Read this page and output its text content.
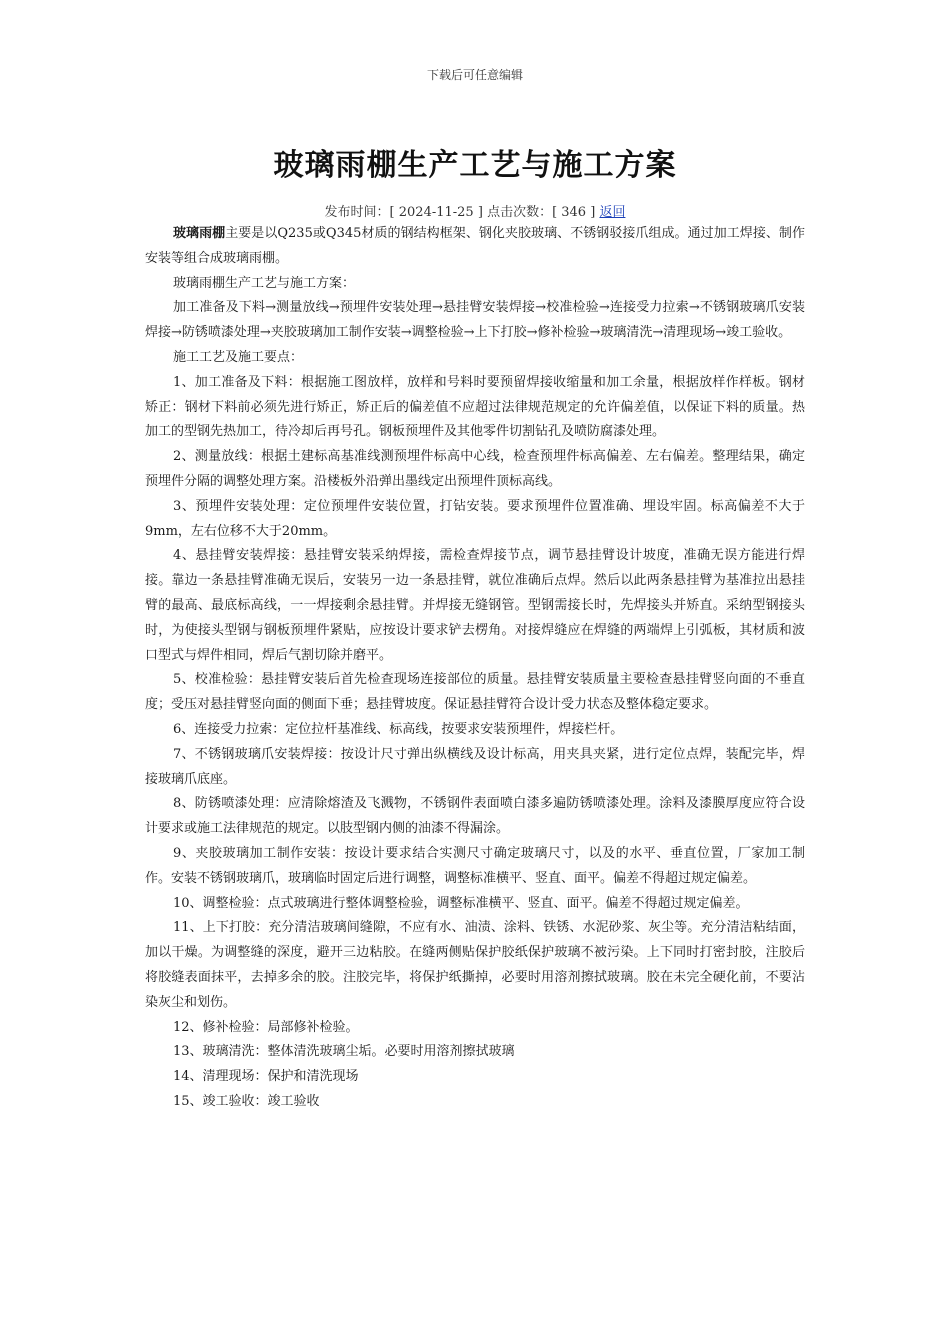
下载后可任意编辑
玻璃雨棚生产工艺与施工方案
发布时间：[ 2024-11-25 ] 点击次数：[ 346 ] 返回

玻璃雨棚主要是以Q235或Q345材质的钢结构框架、钢化夹胶玻璃、不锈钢驳接爪组成。通过加工焊接、制作安装等组合成玻璃雨棚。

玻璃雨棚生产工艺与施工方案：

加工准备及下料→测量放线→预埋件安装处理→悬挂臂安装焊接→校准检验→连接受力拉索→不锈钢玻璃爪安装焊接→防锈喷漆处理→夹胶玻璃加工制作安装→调整检验→上下打胶→修补检验→玻璃清洗→清理现场→竣工验收。

施工工艺及施工要点：

1、加工准备及下料：根据施工图放样，放样和号料时要预留焊接收缩量和加工余量，根据放样作样板。钢材矫正：钢材下料前必须先进行矫正，矫正后的偏差值不应超过法律规范规定的允许偏差值，以保证下料的质量。热加工的型钢先热加工，待冷却后再号孔。钢板预埋件及其他零件切割钻孔及喷防腐漆处理。

2、测量放线：根据土建标高基准线测预埋件标高中心线，检查预埋件标高偏差、左右偏差。整理结果，确定预埋件分隔的调整处理方案。沿楼板外沿弹出墨线定出预埋件顶标高线。

3、预埋件安装处理：定位预埋件安装位置，打钻安装。要求预埋件位置准确、埋设牢固。标高偏差不大于9mm，左右位移不大于20mm。

4、悬挂臂安装焊接：悬挂臂安装采纳焊接，需检查焊接节点，调节悬挂臂设计坡度，准确无误方能进行焊接。靠边一条悬挂臂准确无误后，安装另一边一条悬挂臂，就位准确后点焊。然后以此两条悬挂臂为基准拉出悬挂臂的最高、最底标高线，一一焊接剩余悬挂臂。并焊接无缝钢管。型钢需接长时，先焊接头并矫直。采纳型钢接头时，为使接头型钢与钢板预埋件紧贴，应按设计要求铲去楞角。对接焊缝应在焊缝的两端焊上引弧板，其材质和波口型式与焊件相同，焊后气割切除并磨平。

5、校准检验：悬挂臂安装后首先检查现场连接部位的质量。悬挂臂安装质量主要检查悬挂臂竖向面的不垂直度；受压对悬挂臂竖向面的侧面下垂；悬挂臂坡度。保证悬挂臂符合设计受力状态及整体稳定要求。

6、连接受力拉索：定位拉杆基准线、标高线，按要求安装预埋件，焊接栏杆。

7、不锈钢玻璃爪安装焊接：按设计尺寸弹出纵横线及设计标高，用夹具夹紧，进行定位点焊，装配完毕，焊接玻璃爪底座。

8、防锈喷漆处理：应清除熔渣及飞溅物，不锈钢件表面喷白漆多遍防锈喷漆处理。涂料及漆膜厚度应符合设计要求或施工法律规范的规定。以肢型钢内侧的油漆不得漏涂。

9、夹胶玻璃加工制作安装：按设计要求结合实测尺寸确定玻璃尺寸，以及的水平、垂直位置，厂家加工制作。安装不锈钢玻璃爪，玻璃临时固定后进行调整，调整标准横平、竖直、面平。偏差不得超过规定偏差。

10、调整检验：点式玻璃进行整体调整检验，调整标准横平、竖直、面平。偏差不得超过规定偏差。

11、上下打胶：充分清洁玻璃间缝隙，不应有水、油渍、涂料、铁锈、水泥砂浆、灰尘等。充分清洁粘结面，加以干燥。为调整缝的深度，避开三边粘胶。在缝两侧贴保护胶纸保护玻璃不被污染。上下同时打密封胶，注胶后将胶缝表面抹平，去掉多余的胶。注胶完毕，将保护纸撕掉，必要时用溶剂擦拭玻璃。胶在未完全硬化前，不要沾染灰尘和划伤。

12、修补检验：局部修补检验。

13、玻璃清洗：整体清洗玻璃尘垢。必要时用溶剂擦拭玻璃

14、清理现场：保护和清洗现场

15、竣工验收：竣工验收
